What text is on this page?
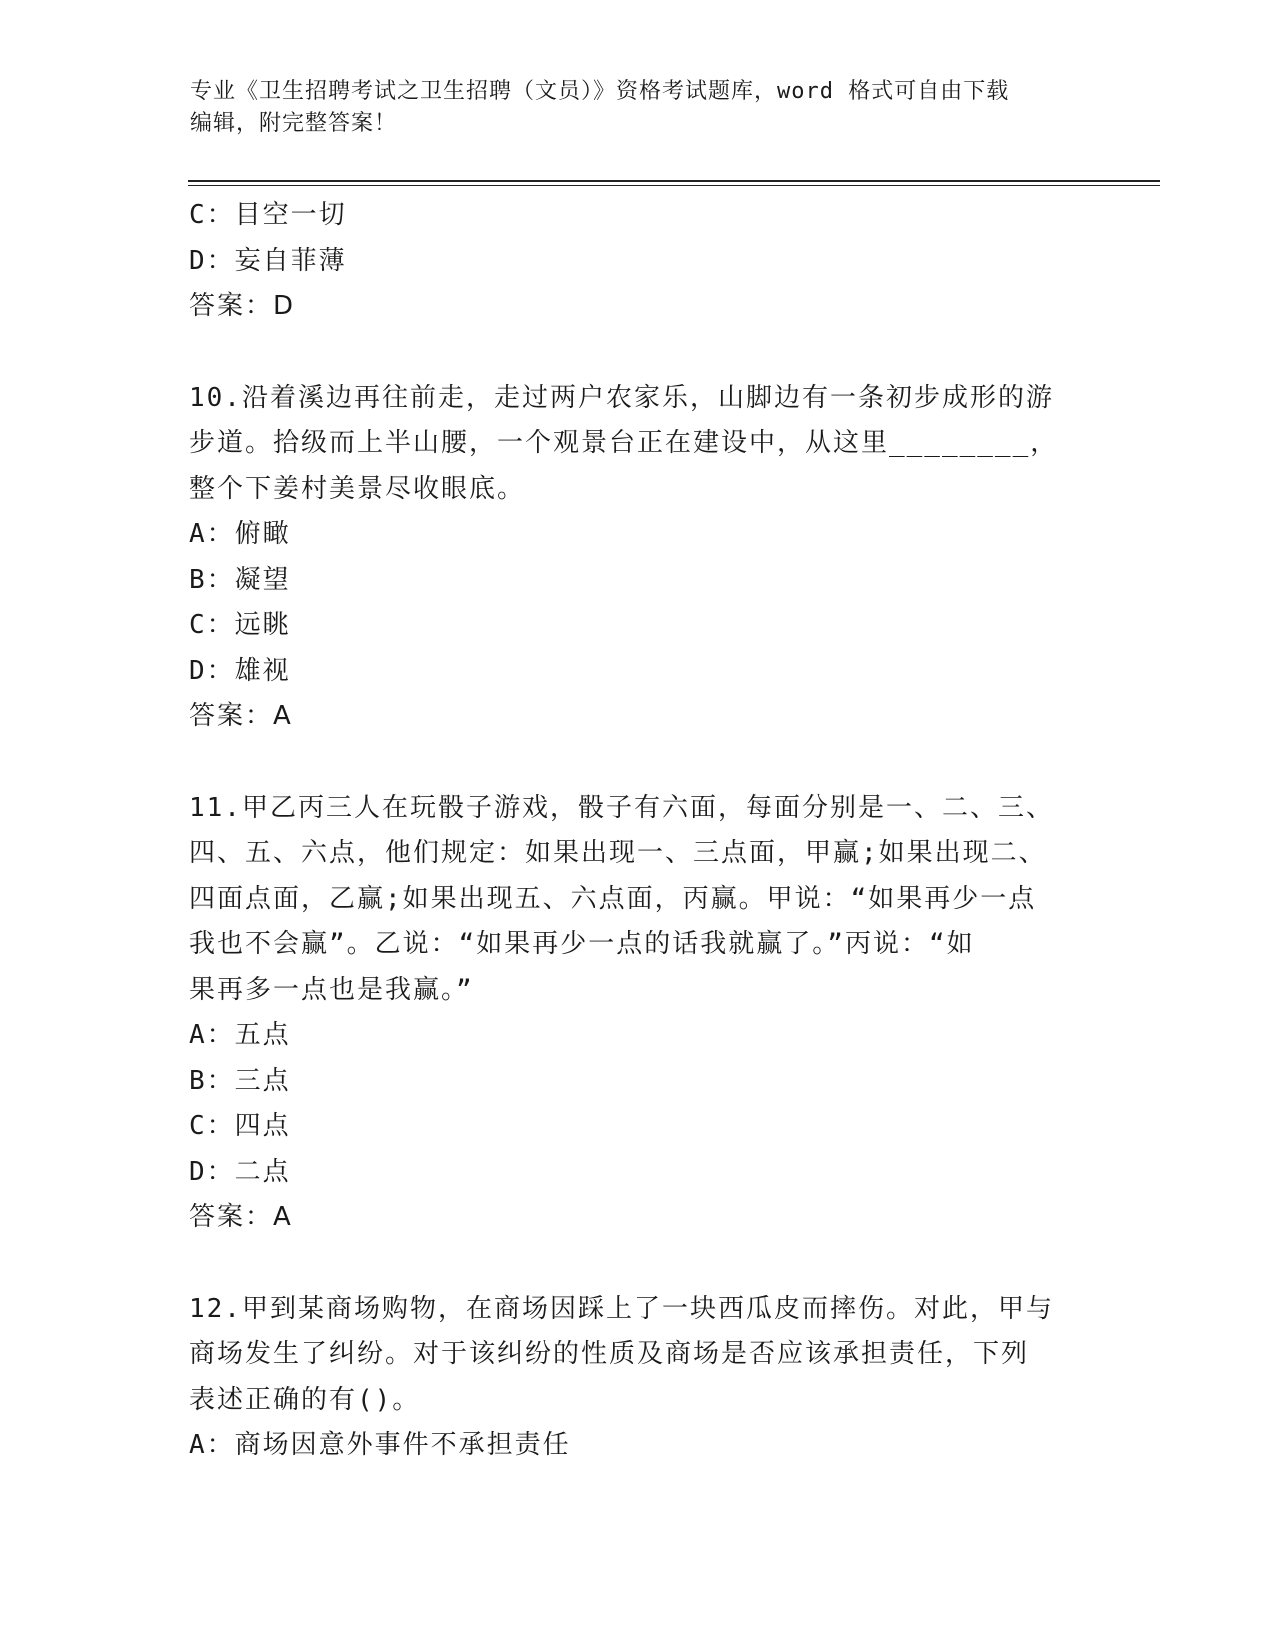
专业《卫生招聘考试之卫生招聘（文员）》资格考试题库，word 格式可自由下载
编辑，附完整答案！
C：目空一切
D：妄自菲薄
答案：D
10.沿着溪边再往前走，走过两户农家乐，山脚边有一条初步成形的游
步道。拾级而上半山腰，一个观景台正在建设中，从这里________，
整个下姜村美景尽收眼底。
A：俯瞰
B：凝望
C：远眺
D：雄视
答案：A
11.甲乙丙三人在玩骰子游戏，骰子有六面，每面分别是一、二、三、
四、五、六点，他们规定：如果出现一、三点面，甲赢;如果出现二、
四面点面，乙赢;如果出现五、六点面，丙赢。甲说：“如果再少一点
我也不会赢”。乙说：“如果再少一点的话我就赢了。”丙说：“如
果再多一点也是我赢。”
A：五点
B：三点
C：四点
D：二点
答案：A
12.甲到某商场购物，在商场因踩上了一块西瓜皮而摔伤。对此，甲与
商场发生了纠纷。对于该纠纷的性质及商场是否应该承担责任，下列
表述正确的有()。
A：商场因意外事件不承担责任
